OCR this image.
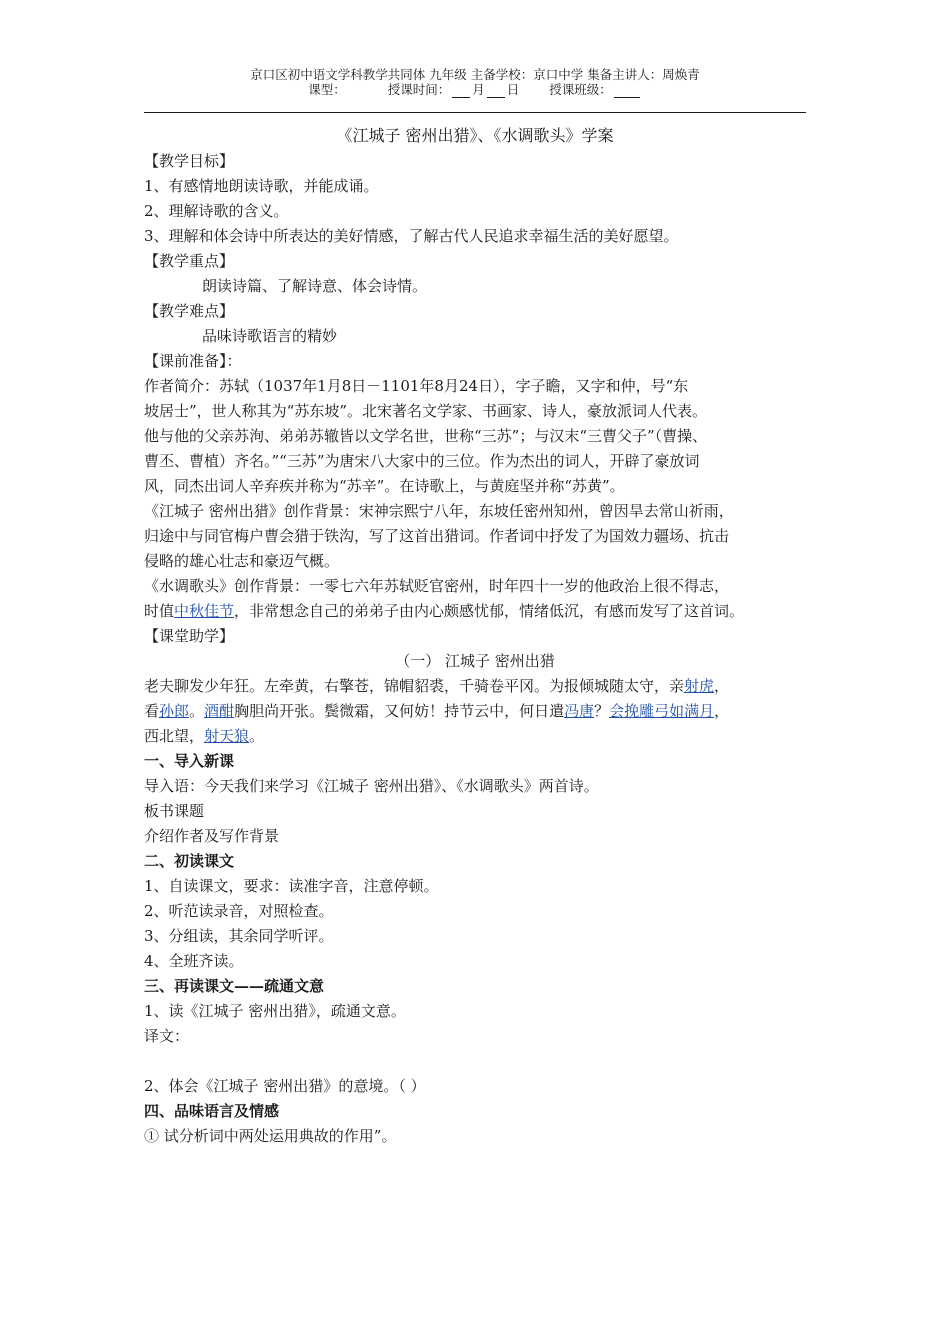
京口区初中语文学科教学共同体 九年级 主备学校：京口中学 集备主讲人：周焕青
课型：	授课时间： 月 日 授课班级：
《江城子 密州出猎》、《水调歌头》学案
【教学目标】
1、有感情地朗读诗歌，并能成诵。
2、理解诗歌的含义。
3、理解和体会诗中所表达的美好情感，了解古代人民追求幸福生活的美好愿望。
【教学重点】
朗读诗篇、了解诗意、体会诗情。
【教学难点】
品味诗歌语言的精妙
【课前准备】：
作者简介：苏轼（1037年1月8日－1101年8月24日），字子瞻，又字和仲，号“东
坡居士”，世人称其为“苏东坡”。北宋著名文学家、书画家、诗人，豪放派词人代表。
他与他的父亲苏洵、弟弟苏辙皆以文学名世，世称“三苏”；与汉末“三曹父子”（曹操、
曹丕、曹植）齐名。”“三苏”为唐宋八大家中的三位。作为杰出的词人，开辟了豪放词
风，同杰出词人辛弃疾并称为“苏辛”。在诗歌上，与黄庭坚并称“苏黄”。
《江城子 密州出猎》创作背景：宋神宗熙宁八年，东坡任密州知州，曾因旱去常山祈雨，
归途中与同官梅户曹会猎于铁沟，写了这首出猎词。作者词中抒发了为国效力疆场、抗击
侵略的雄心壮志和豪迈气概。
《水调歌头》创作背景：一零七六年苏轼贬官密州，时年四十一岁的他政治上很不得志，
时值中秋佳节，非常想念自己的弟弟子由内心颇感忧郁，情绪低沉，有感而发写了这首词。
【课堂助学】
（一） 江城子 密州出猎
老夫聊发少年狂。左牵黄，右擎苍，锦帽貂裘，千骑卷平冈。为报倾城随太守，亲射虎，
看孙郎。酒酣胸胆尚开张。鬓微霜，又何妨！持节云中，何日遣冯唐？会挽雕弓如满月，
西北望，射天狼。
一、导入新课
导入语：今天我们来学习《江城子 密州出猎》、《水调歌头》两首诗。
板书课题
介绍作者及写作背景
二、初读课文
1、自读课文，要求：读准字音，注意停顿。
2、听范读录音，对照检查。
3、分组读，其余同学听评。
4、全班齐读。
三、再读课文——疏通文意
1、读《江城子 密州出猎》，疏通文意。
译文：
2、体会《江城子 密州出猎》的意境。（ ）
四、品味语言及情感
① 试分析词中两处运用典故的作用”。
